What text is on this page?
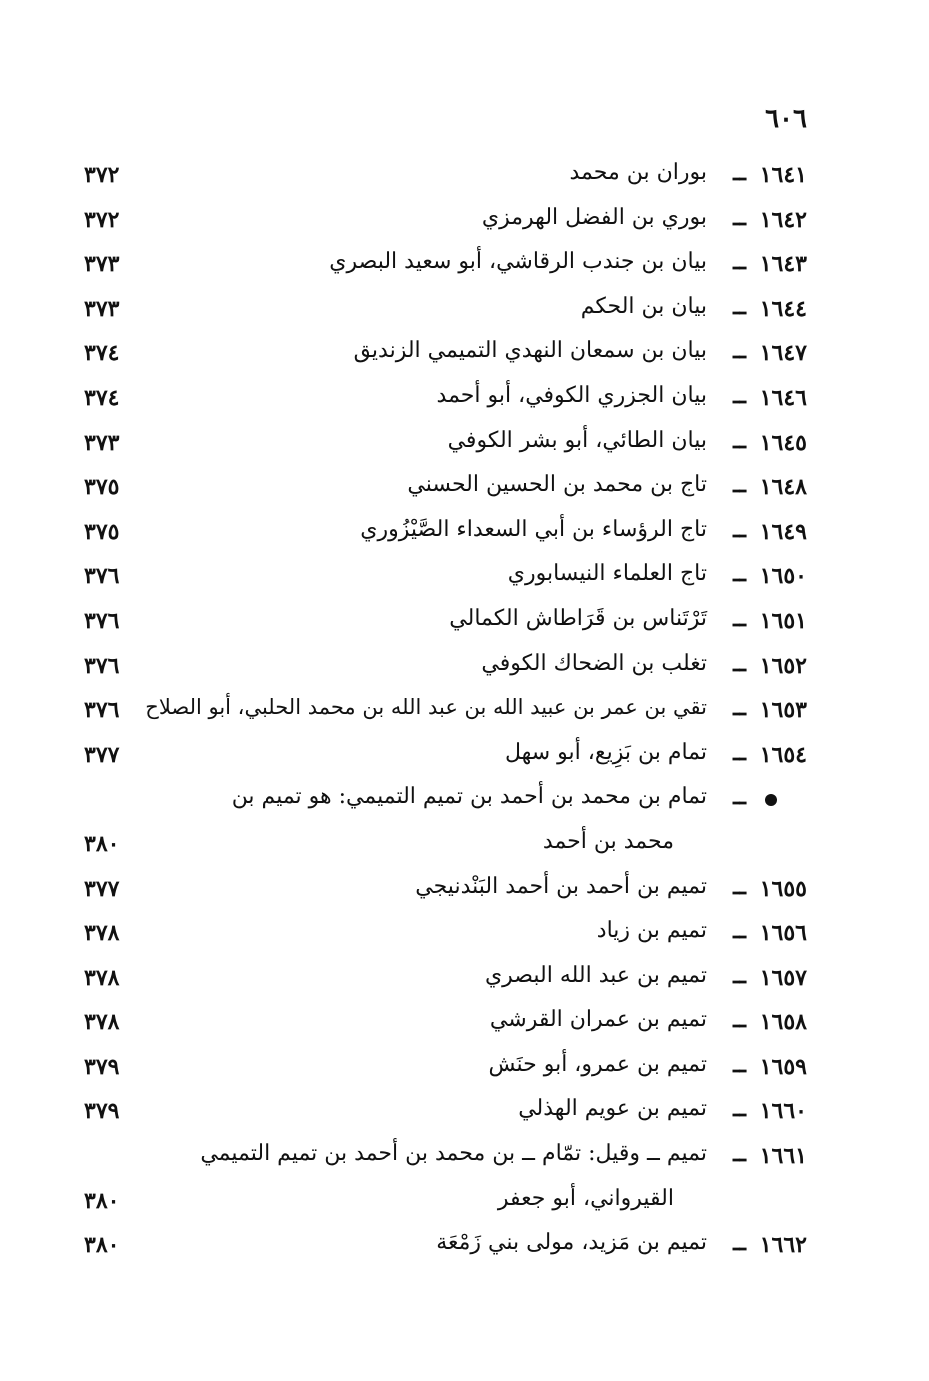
٦٠٦
١٦٤١
ــ
بوران بن محمد
٣٧٢
١٦٤٢
ــ
بوري بن الفضل الهرمزي
٣٧٢
١٦٤٣
ــ
بيان بن جندب الرقاشي، أبو سعيد البصري
٣٧٣
١٦٤٤
ــ
بيان بن الحكم
٣٧٣
١٦٤٧
ــ
بيان بن سمعان النهدي التميمي الزنديق
٣٧٤
١٦٤٦
ــ
بيان الجزري الكوفي، أبو أحمد
٣٧٤
١٦٤٥
ــ
بيان الطائي، أبو بشر الكوفي
٣٧٣
١٦٤٨
ــ
تاج بن محمد بن الحسين الحسني
٣٧٥
١٦٤٩
ــ
تاج الرؤساء بن أبي السعداء الصَّيْزُوري
٣٧٥
١٦٥٠
ــ
تاج العلماء النيسابوري
٣٧٦
١٦٥١
ــ
تَرْتَناس بن قَرَاطاش الكمالي
٣٧٦
١٦٥٢
ــ
تغلب بن الضحاك الكوفي
٣٧٦
١٦٥٣
ــ
تقي بن عمر بن عبيد الله بن عبد الله بن محمد الحلبي، أبو الصلاح
٣٧٦
١٦٥٤
ــ
تمام بن بَزِيع، أبو سهل
٣٧٧
ــ
تمام بن محمد بن أحمد بن تميم التميمي: هو تميم بن
محمد بن أحمد
٣٨٠
١٦٥٥
ــ
تميم بن أحمد بن أحمد البَنْدنيجي
٣٧٧
١٦٥٦
ــ
تميم بن زياد
٣٧٨
١٦٥٧
ــ
تميم بن عبد الله البصري
٣٧٨
١٦٥٨
ــ
تميم بن عمران القرشي
٣٧٨
١٦٥٩
ــ
تميم بن عمرو، أبو حنَش
٣٧٩
١٦٦٠
ــ
تميم بن عويم الهذلي
٣٧٩
١٦٦١
ــ
تميم ــ وقيل: تمّام ــ بن محمد بن أحمد بن تميم التميمي
القيرواني، أبو جعفر
٣٨٠
١٦٦٢
ــ
تميم بن مَزيد، مولى بني زَمْعَة
٣٨٠
